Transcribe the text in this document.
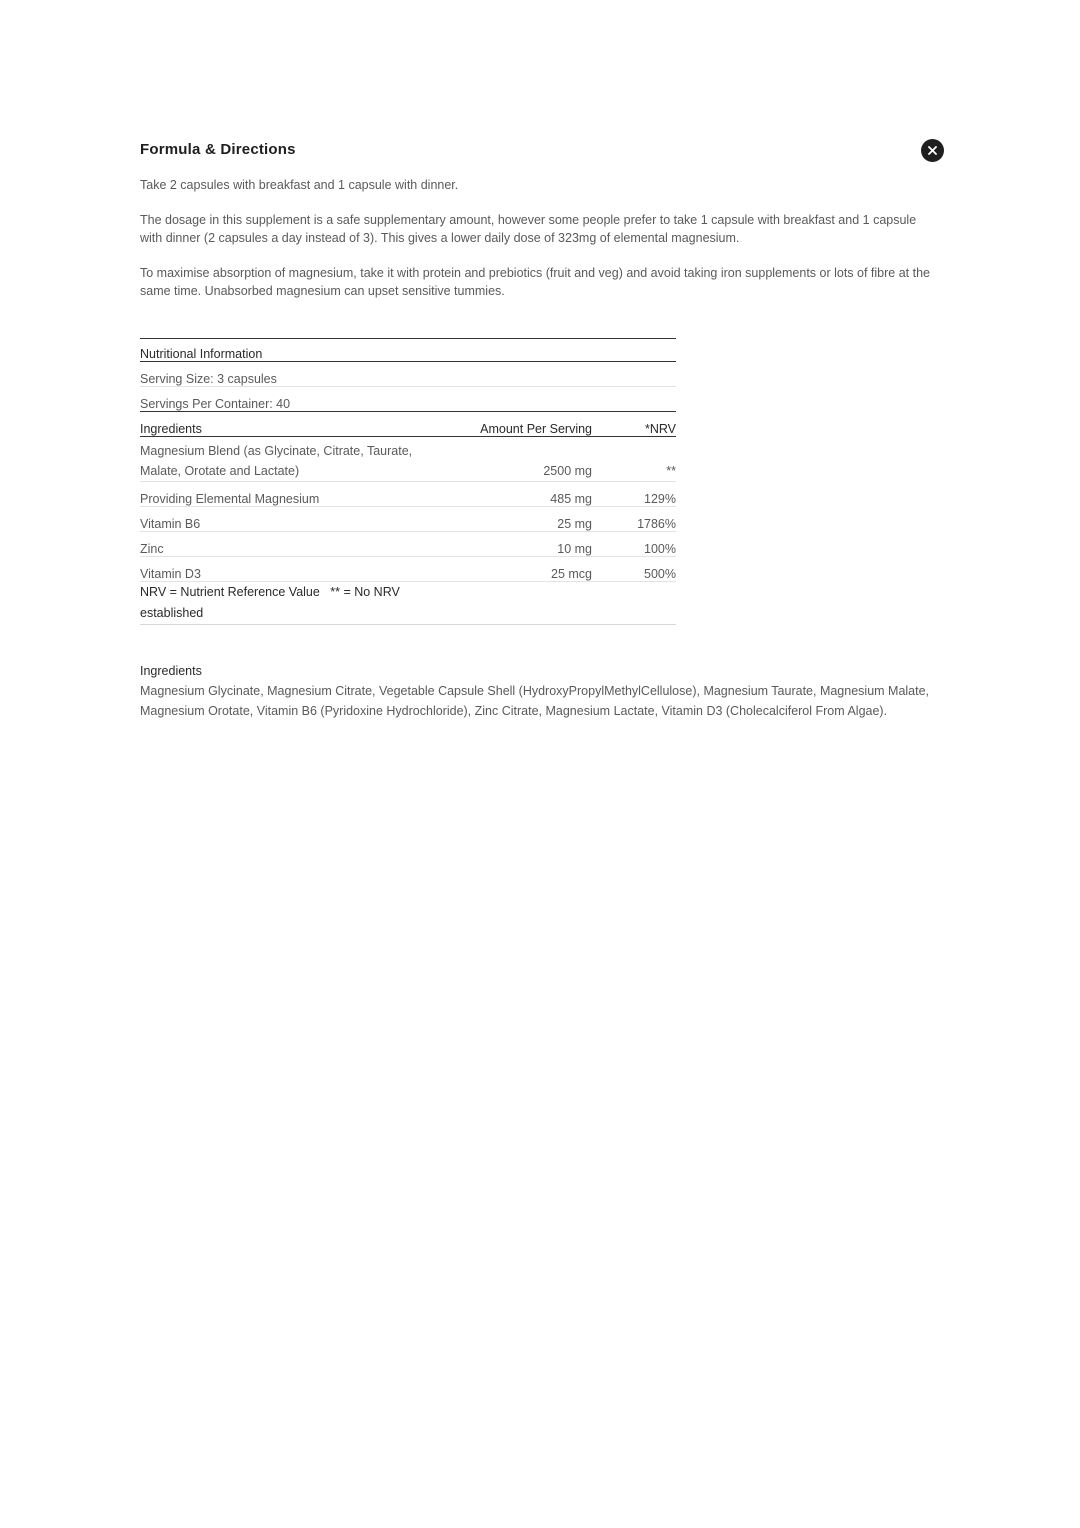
Formula & Directions

Take 2 capsules with breakfast and 1 capsule with dinner.

The dosage in this supplement is a safe supplementary amount, however some people prefer to take 1 capsule with breakfast and 1 capsule with dinner (2 capsules a day instead of 3). This gives a lower daily dose of 323mg of elemental magnesium.

To maximise absorption of magnesium, take it with protein and prebiotics (fruit and veg) and avoid taking iron supplements or lots of fibre at the same time. Unabsorbed magnesium can upset sensitive tummies.

Nutritional Information		
Serving Size: 3 capsules		
Servings Per Container: 40		
Ingredients	Amount Per Serving	*NRV
Magnesium Blend (as Glycinate, Citrate, Taurate, Malate, Orotate and Lactate)	2500 mg	**
Providing Elemental Magnesium	485 mg	129%
Vitamin B6	25 mg	1786%
Zinc	10 mg	100%
Vitamin D3	25 mcg	500%
NRV = Nutrient Reference Value   ** = No NRV established		
Ingredients

Magnesium Glycinate, Magnesium Citrate, Vegetable Capsule Shell (HydroxyPropylMethylCellulose), Magnesium Taurate, Magnesium Malate, Magnesium Orotate, Vitamin B6 (Pyridoxine Hydrochloride), Zinc Citrate, Magnesium Lactate, Vitamin D3 (Cholecalciferol From Algae).
